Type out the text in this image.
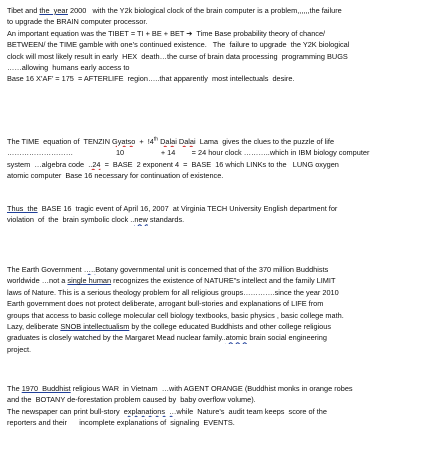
Tibet and the  year 2000   with the Y2k biological clock of the brain computer is a problem,,,,,,the failure
to upgrade the BRAIN computer processor.
An important equation was the TIBET = TI + BE + BET ➔  Time Base probability theory of chance/
BETWEEN/ the TIME gamble with one’s continued existence.   The  failure to upgrade  the Y2K biological
clock will most likely result in early  HEX  death…the curse of brain data processing  programming BUGS
……allowing  humans early access to
Base 16 X’AF’ = 175  = AFTERLIFE  region…..that apparently  most intellectuals  desire.
The TIME  equation of  TENZIN Gyatso  +  !4th Dalai Dalai  Lama  gives the clues to the puzzle of life
………………………                     10                  + 14        = 24 hour clock ………..which in IBM biology computer
system  …algebra code  ..24  =  BASE  2 exponent 4  =  BASE  16 which LINKs to the   LUNG oxygen
atomic computer  Base 16 necessary for continuation of existence.
Thus  the  BASE 16  tragic event of April 16, 2007  at Virginia TECH University English department for
violation  of  the  brain symbolic clock ..new standards.
The Earth Government …..Botany governmental unit is concerned that of the 370 million Buddhists
worldwide …not a single human recognizes the existence of NATURE”s intellect and the family LIMIT
laws of Nature. This is a serious theology problem for all religious groups………….since the year 2010
Earth government does not protect deliberate, arrogant bull-stories and explanations of LIFE from
groups that access to basic college molecular cell biology textbooks, basic physics , basic college math.
Lazy, deliberate SNOB intellectualism by the college educated Buddhists and other college religious
graduates is closely watched by the Margaret Mead nuclear family..atomic brain social engineering
project.
The 1970  Buddhist religious WAR  in Vietnam  …with AGENT ORANGE (Buddhist monks in orange robes
and the  BOTANY de-forestation problem caused by  baby overflow volume).
The newspaper can print bull-story  explanations  …while  Nature’s  audit team keeps  score of the
reporters and their      incomplete explanations of  signaling  EVENTS.
